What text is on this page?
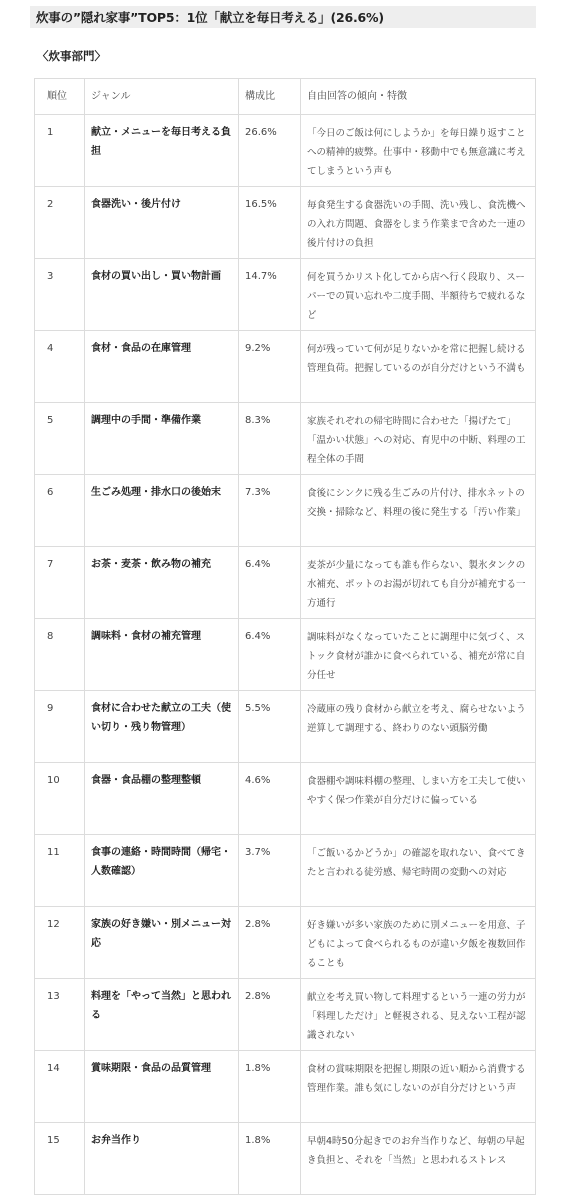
炊事の”隠れ家事”TOP5：1位「献立を毎日考える」(26.6%)
〈炊事部門〉
順位	ジャンル	構成比	自由回答の傾向・特徴
1	献立・メニューを毎日考える負担	26.6%	「今日のご飯は何にしようか」を毎日繰り返すことへの精神的疲弊。仕事中・移動中でも無意識に考えてしまうという声も
2	食器洗い・後片付け	16.5%	毎食発生する食器洗いの手間、洗い残し、食洗機への入れ方問題、食器をしまう作業まで含めた一連の後片付けの負担
3	食材の買い出し・買い物計画	14.7%	何を買うかリスト化してから店へ行く段取り、スーパーでの買い忘れや二度手間、半額待ちで疲れるなど
4	食材・食品の在庫管理	9.2%	何が残っていて何が足りないかを常に把握し続ける管理負荷。把握しているのが自分だけという不満も
5	調理中の手間・準備作業	8.3%	家族それぞれの帰宅時間に合わせた「揚げたて」「温かい状態」への対応、育児中の中断、料理の工程全体の手間
6	生ごみ処理・排水口の後始末	7.3%	食後にシンクに残る生ごみの片付け、排水ネットの交換・掃除など、料理の後に発生する「汚い作業」
7	お茶・麦茶・飲み物の補充	6.4%	麦茶が少量になっても誰も作らない、製氷タンクの水補充、ポットのお湯が切れても自分が補充する一方通行
8	調味料・食材の補充管理	6.4%	調味料がなくなっていたことに調理中に気づく、ストック食材が誰かに食べられている、補充が常に自分任せ
9	食材に合わせた献立の工夫（使い切り・残り物管理）	5.5%	冷蔵庫の残り食材から献立を考え、腐らせないよう逆算して調理する、終わりのない頭脳労働
10	食器・食品棚の整理整頓	4.6%	食器棚や調味料棚の整理、しまい方を工夫して使いやすく保つ作業が自分だけに偏っている
11	食事の連絡・時間時間（帰宅・人数確認）	3.7%	「ご飯いるかどうか」の確認を取れない、食べてきたと言われる徒労感、帰宅時間の変動への対応
12	家族の好き嫌い・別メニュー対応	2.8%	好き嫌いが多い家族のために別メニューを用意、子どもによって食べられるものが違い夕飯を複数回作ることも
13	料理を「やって当然」と思われる	2.8%	献立を考え買い物して料理するという一連の労力が「料理しただけ」と軽視される、見えない工程が認識されない
14	賞味期限・食品の品質管理	1.8%	食材の賞味期限を把握し期限の近い順から消費する管理作業。誰も気にしないのが自分だけという声
15	お弁当作り	1.8%	早朝4時50分起きでのお弁当作りなど、毎朝の早起き負担と、それを「当然」と思われるストレス
